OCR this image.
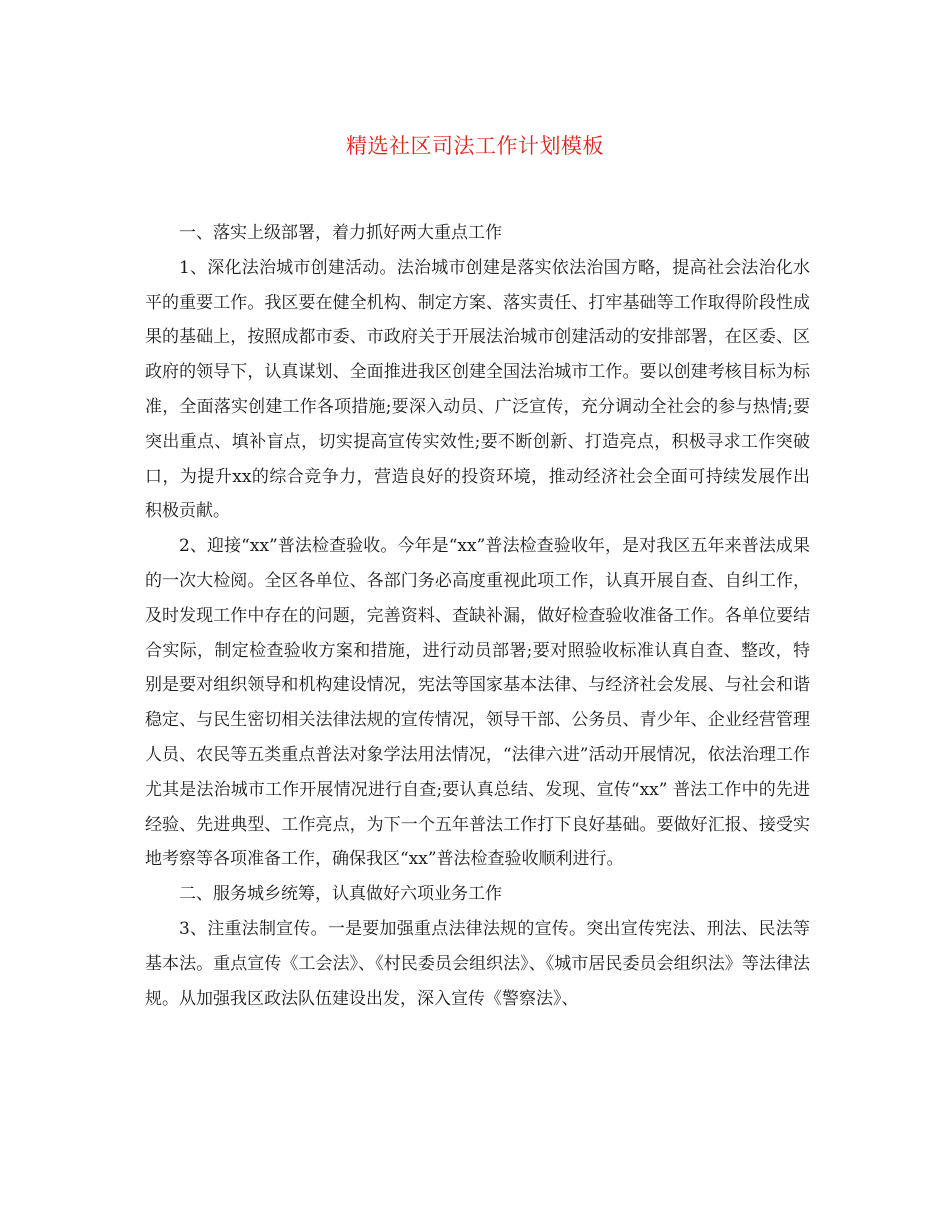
精选社区司法工作计划模板

一、落实上级部署，着力抓好两大重点工作

1、深化法治城市创建活动。法治城市创建是落实依法治国方略，提高社会法治化水平的重要工作。我区要在健全机构、制定方案、落实责任、打牢基础等工作取得阶段性成果的基础上，按照成都市委、市政府关于开展法治城市创建活动的安排部署，在区委、区政府的领导下，认真谋划、全面推进我区创建全国法治城市工作。要以创建考核目标为标准，全面落实创建工作各项措施;要深入动员、广泛宣传，充分调动全社会的参与热情;要突出重点、填补盲点，切实提高宣传实效性;要不断创新、打造亮点，积极寻求工作突破口，为提升xx的综合竞争力，营造良好的投资环境，推动经济社会全面可持续发展作出积极贡献。

2、迎接“xx”普法检查验收。今年是“xx”普法检查验收年，是对我区五年来普法成果的一次大检阅。全区各单位、各部门务必高度重视此项工作，认真开展自查、自纠工作，及时发现工作中存在的问题，完善资料、查缺补漏，做好检查验收准备工作。各单位要结合实际，制定检查验收方案和措施，进行动员部署;要对照验收标准认真自查、整改，特别是要对组织领导和机构建设情况，宪法等国家基本法律、与经济社会发展、与社会和谐稳定、与民生密切相关法律法规的宣传情况，领导干部、公务员、青少年、企业经营管理人员、农民等五类重点普法对象学法用法情况，“法律六进”活动开展情况，依法治理工作尤其是法治城市工作开展情况进行自查;要认真总结、发现、宣传“xx” 普法工作中的先进经验、先进典型、工作亮点，为下一个五年普法工作打下良好基础。要做好汇报、接受实地考察等各项准备工作，确保我区“xx”普法检查验收顺利进行。

二、服务城乡统筹，认真做好六项业务工作

3、注重法制宣传。一是要加强重点法律法规的宣传。突出宣传宪法、刑法、民法等基本法。重点宣传《工会法》、《村民委员会组织法》、《城市居民委员会组织法》等法律法规。从加强我区政法队伍建设出发，深入宣传《警察法》、
